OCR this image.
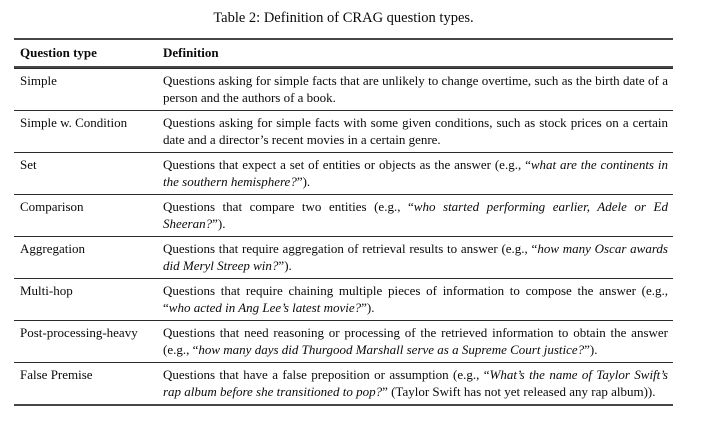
Table 2: Definition of CRAG question types.
Question type	Definition
Simple	Questions asking for simple facts that are unlikely to change overtime, such as the birth date of a person and the authors of a book.
Simple w. Condition	Questions asking for simple facts with some given conditions, such as stock prices on a certain date and a director’s recent movies in a certain genre.
Set	Questions that expect a set of entities or objects as the answer (e.g., “what are the continents in the southern hemisphere?”).
Comparison	Questions that compare two entities (e.g., “who started performing earlier, Adele or Ed Sheeran?”).
Aggregation	Questions that require aggregation of retrieval results to answer (e.g., “how many Oscar awards did Meryl Streep win?”).
Multi-hop	Questions that require chaining multiple pieces of information to compose the answer (e.g., “who acted in Ang Lee’s latest movie?”).
Post-processing-heavy	Questions that need reasoning or processing of the retrieved information to obtain the answer (e.g., “how many days did Thurgood Marshall serve as a Supreme Court justice?”).
False Premise	Questions that have a false preposition or assumption (e.g., “What’s the name of Taylor Swift’s rap album before she transitioned to pop?” (Taylor Swift has not yet released any rap album)).
